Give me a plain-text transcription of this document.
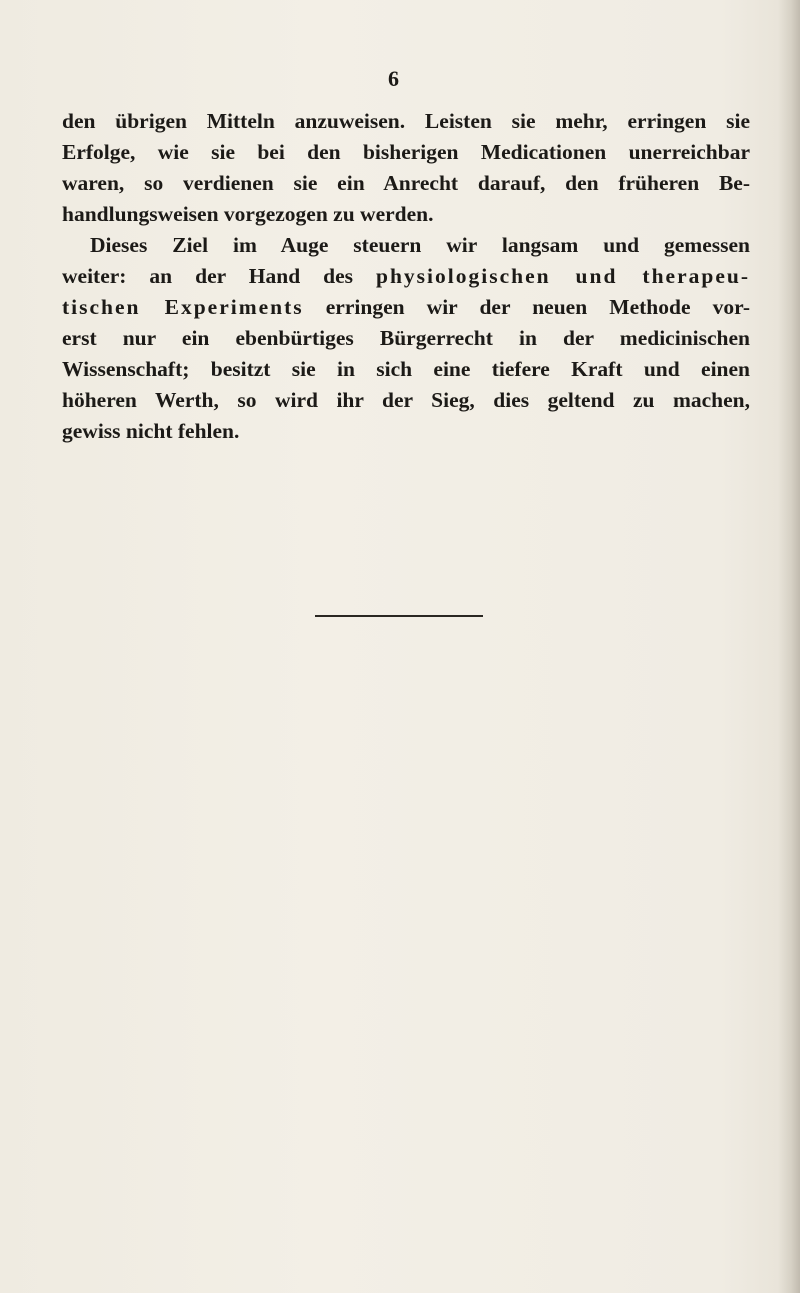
6
den übrigen Mitteln anzuweisen. Leisten sie mehr, erringen sie
Erfolge, wie sie bei den bisherigen Medicationen unerreichbar
waren, so verdienen sie ein Anrecht darauf, den früheren Be-
handlungsweisen vorgezogen zu werden.
Dieses Ziel im Auge steuern wir langsam und gemessen
weiter: an der Hand des physiologischen und therapeu-
tischen Experiments erringen wir der neuen Methode vor-
erst nur ein ebenbürtiges Bürgerrecht in der medicinischen
Wissenschaft; besitzt sie in sich eine tiefere Kraft und einen
höheren Werth, so wird ihr der Sieg, dies geltend zu machen,
gewiss nicht fehlen.
